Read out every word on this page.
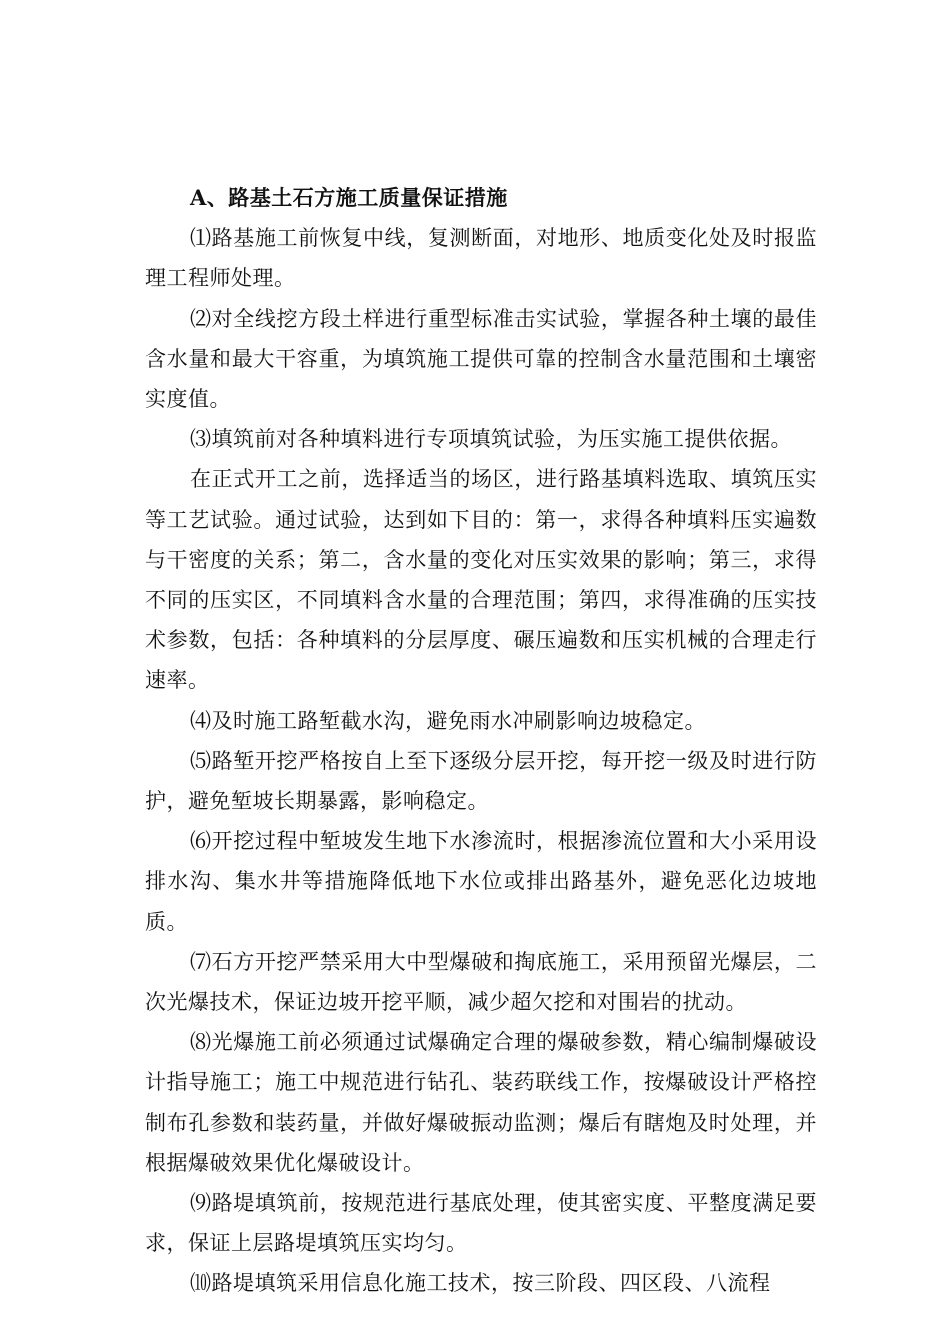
A、路基土石方施工质量保证措施

⑴路基施工前恢复中线，复测断面，对地形、地质变化处及时报监理工程师处理。

⑵对全线挖方段土样进行重型标准击实试验，掌握各种土壤的最佳含水量和最大干容重，为填筑施工提供可靠的控制含水量范围和土壤密实度值。

⑶填筑前对各种填料进行专项填筑试验，为压实施工提供依据。

在正式开工之前，选择适当的场区，进行路基填料选取、填筑压实等工艺试验。通过试验，达到如下目的：第一，求得各种填料压实遍数与干密度的关系；第二，含水量的变化对压实效果的影响；第三，求得不同的压实区，不同填料含水量的合理范围；第四，求得准确的压实技术参数，包括：各种填料的分层厚度、碾压遍数和压实机械的合理走行速率。

⑷及时施工路堑截水沟，避免雨水冲刷影响边坡稳定。

⑸路堑开挖严格按自上至下逐级分层开挖，每开挖一级及时进行防护，避免堑坡长期暴露，影响稳定。

⑹开挖过程中堑坡发生地下水渗流时，根据渗流位置和大小采用设排水沟、集水井等措施降低地下水位或排出路基外，避免恶化边坡地质。

⑺石方开挖严禁采用大中型爆破和掏底施工，采用预留光爆层，二次光爆技术，保证边坡开挖平顺，减少超欠挖和对围岩的扰动。

⑻光爆施工前必须通过试爆确定合理的爆破参数，精心编制爆破设计指导施工；施工中规范进行钻孔、装药联线工作，按爆破设计严格控制布孔参数和装药量，并做好爆破振动监测；爆后有瞎炮及时处理，并根据爆破效果优化爆破设计。

⑼路堤填筑前，按规范进行基底处理，使其密实度、平整度满足要求，保证上层路堤填筑压实均匀。

⑽路堤填筑采用信息化施工技术，按三阶段、四区段、八流程
